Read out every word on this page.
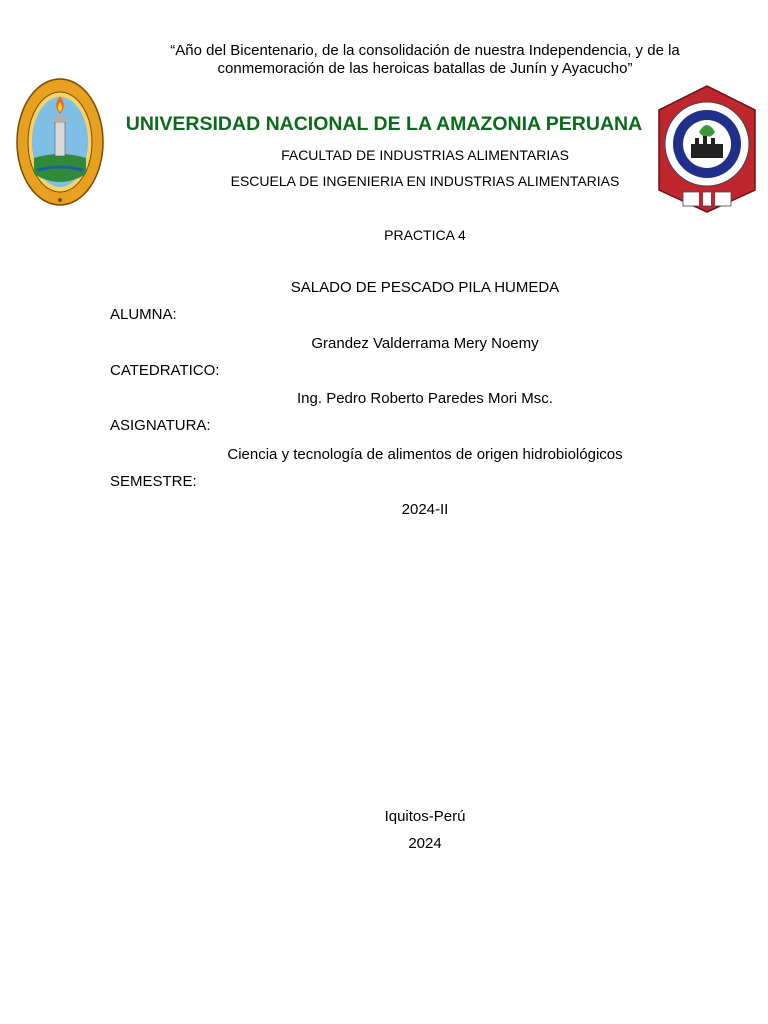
“Año del Bicentenario, de la consolidación de nuestra Independencia, y de la conmemoración de las heroicas batallas de Junín y Ayacucho”
UNIVERSIDAD NACIONAL DE LA AMAZONIA PERUANA
FACULTAD DE INDUSTRIAS ALIMENTARIAS
ESCUELA DE INGENIERIA EN INDUSTRIAS ALIMENTARIAS
PRACTICA 4
SALADO DE PESCADO PILA HUMEDA
ALUMNA:
Grandez Valderrama Mery Noemy
CATEDRATICO:
Ing. Pedro Roberto Paredes Mori Msc.
ASIGNATURA:
Ciencia y tecnología de alimentos de origen hidrobiológicos
SEMESTRE:
2024-II
Iquitos-Perú
2024
